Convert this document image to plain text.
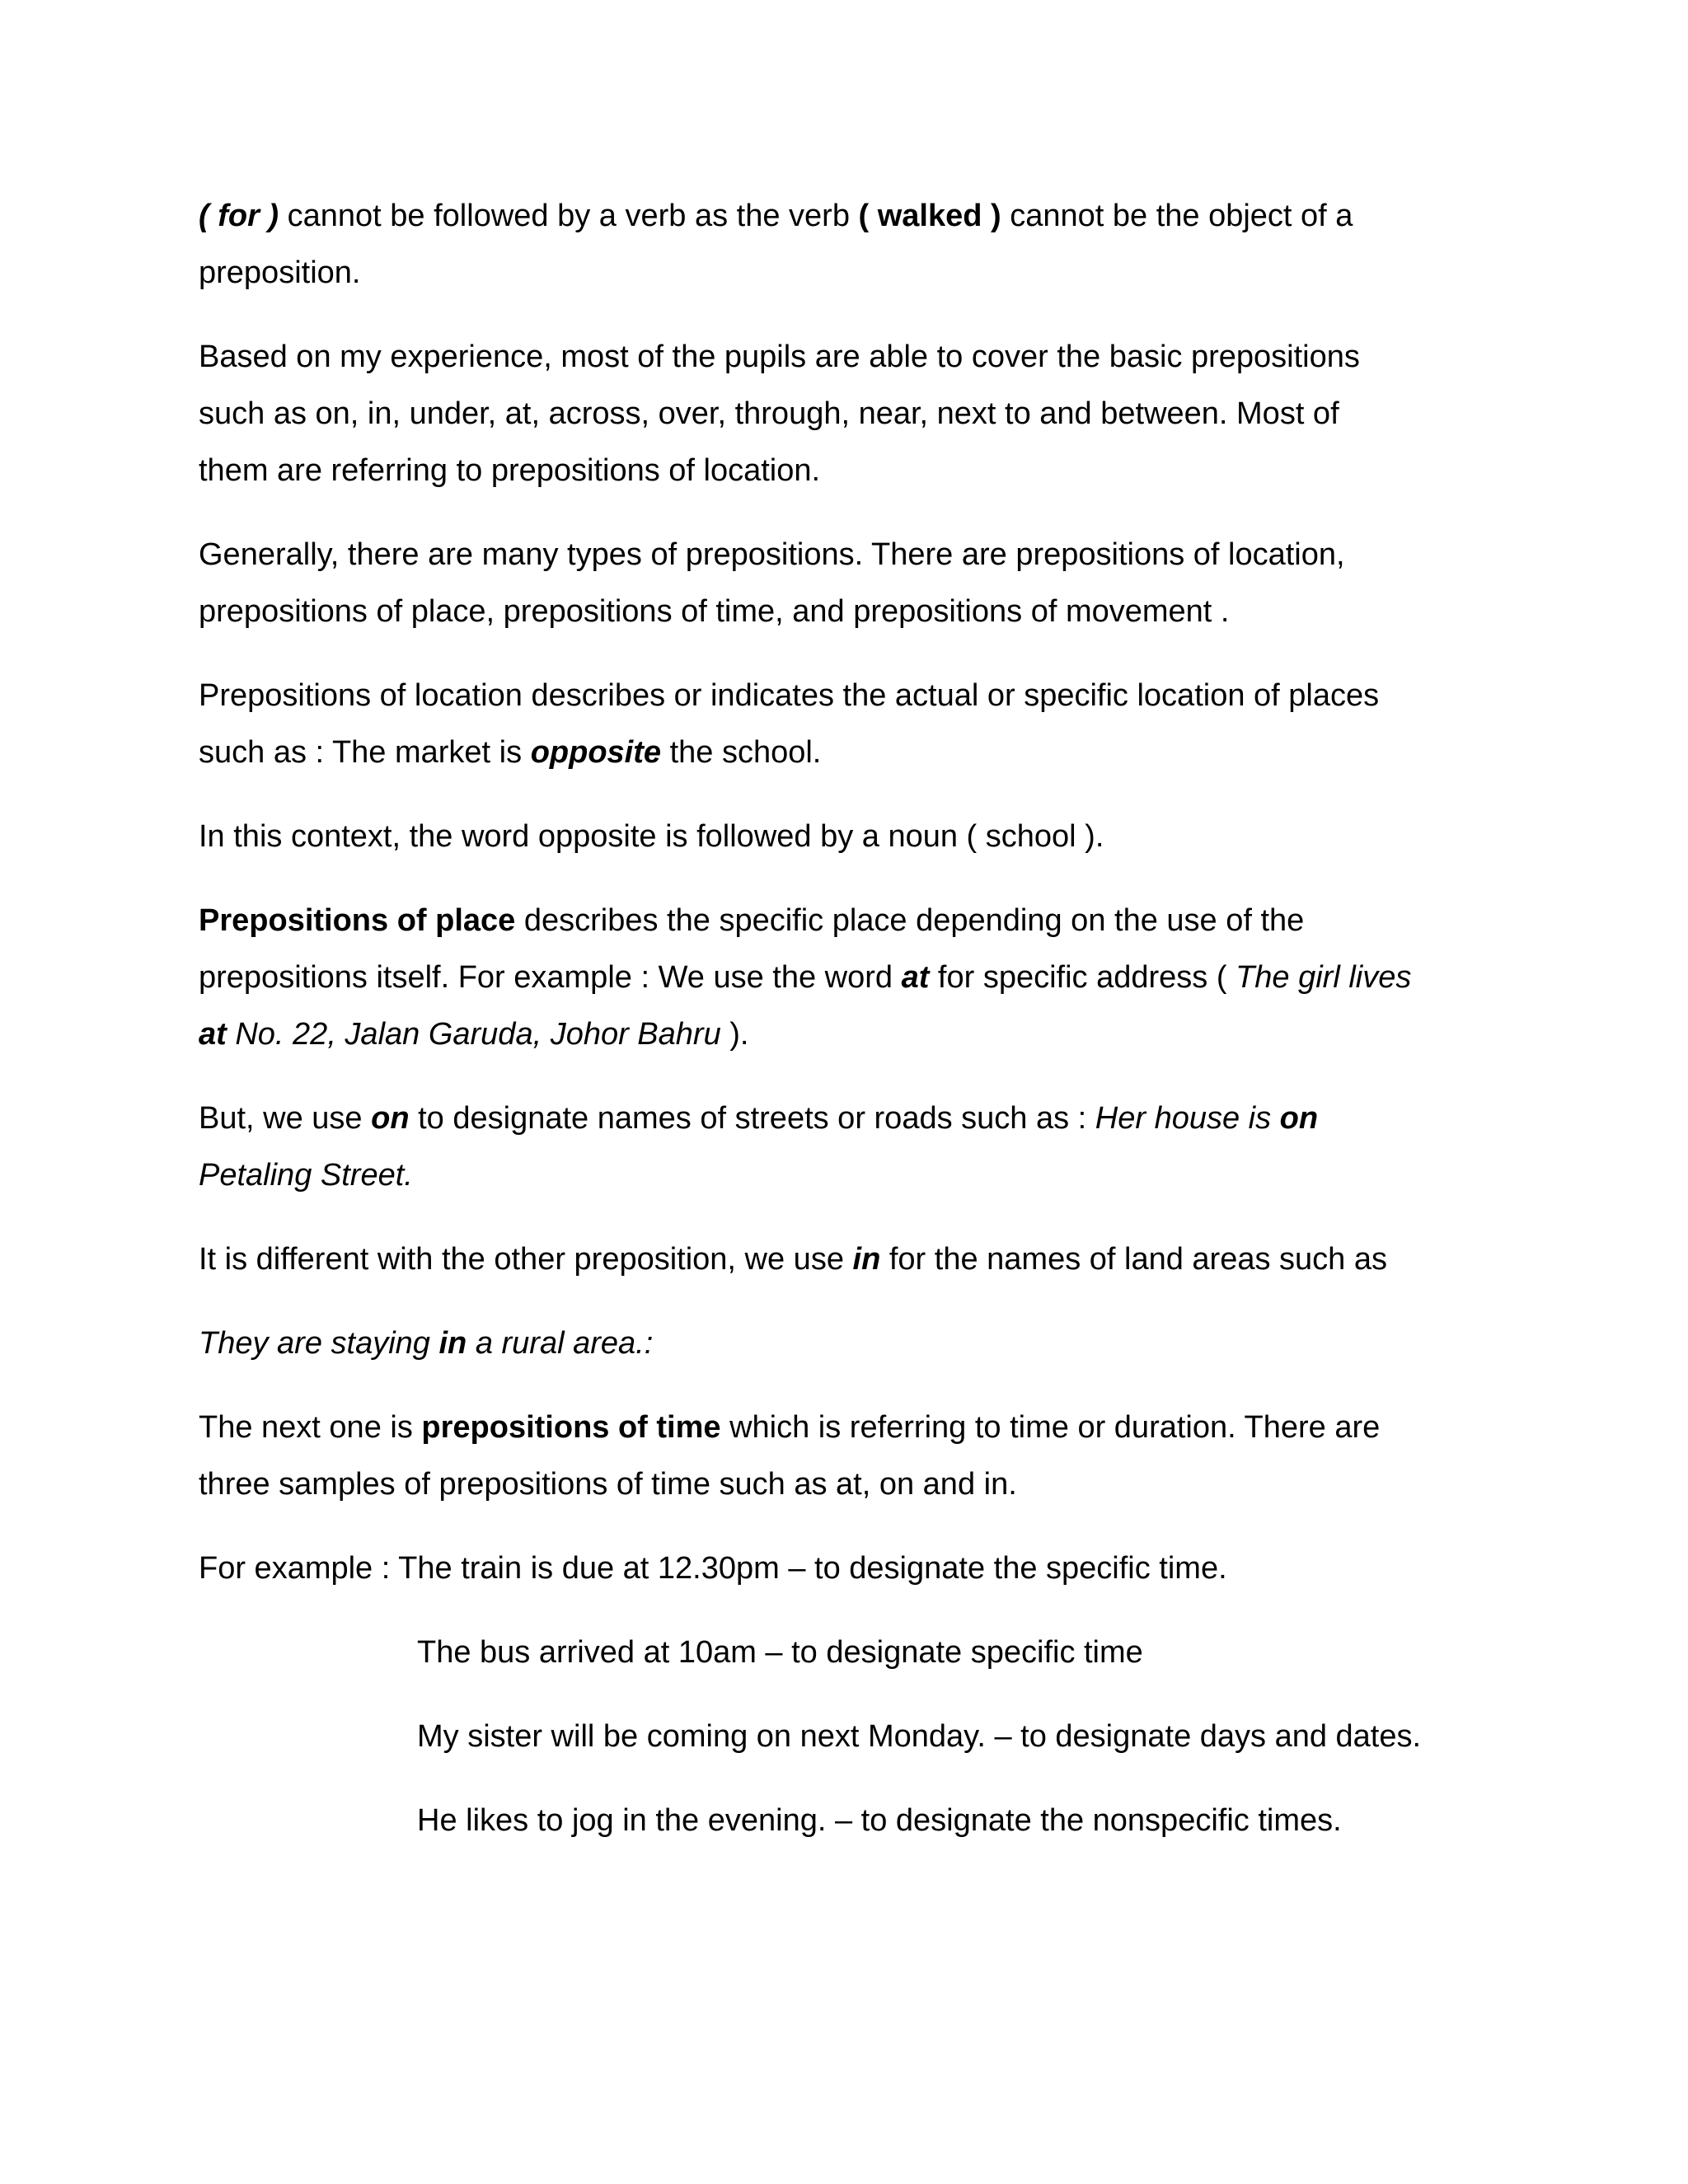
( for ) cannot be followed by a verb as the verb ( walked ) cannot be the object of a
preposition.
Based on my experience, most of the pupils are able to cover the basic prepositions
such as on, in, under, at, across, over, through, near, next to and between. Most of
them are referring to prepositions of location.
Generally, there are many types of prepositions. There are prepositions of location,
prepositions of place, prepositions of time, and prepositions of movement .
Prepositions of location describes or indicates the actual or specific location of places
such as : The market is opposite the school.
In this context, the word opposite is followed by a noun ( school ).
Prepositions of place describes the specific place depending on the use of the
prepositions itself. For example : We use the word at for specific address ( The girl lives
at No. 22, Jalan Garuda, Johor Bahru ).
But, we use on to designate names of streets or roads such as : Her house is on
Petaling Street.
It is different with the other preposition, we use in for the names of land areas such as
They are staying in a rural area.:
The next one is prepositions of time which is referring to time or duration. There are
three samples of prepositions of time such as at, on and in.
For example : The train is due at 12.30pm – to designate the specific time.
The bus arrived at 10am – to designate specific time
My sister will be coming on next Monday. – to designate days and dates.
He likes to jog in the evening. – to designate the nonspecific times.
